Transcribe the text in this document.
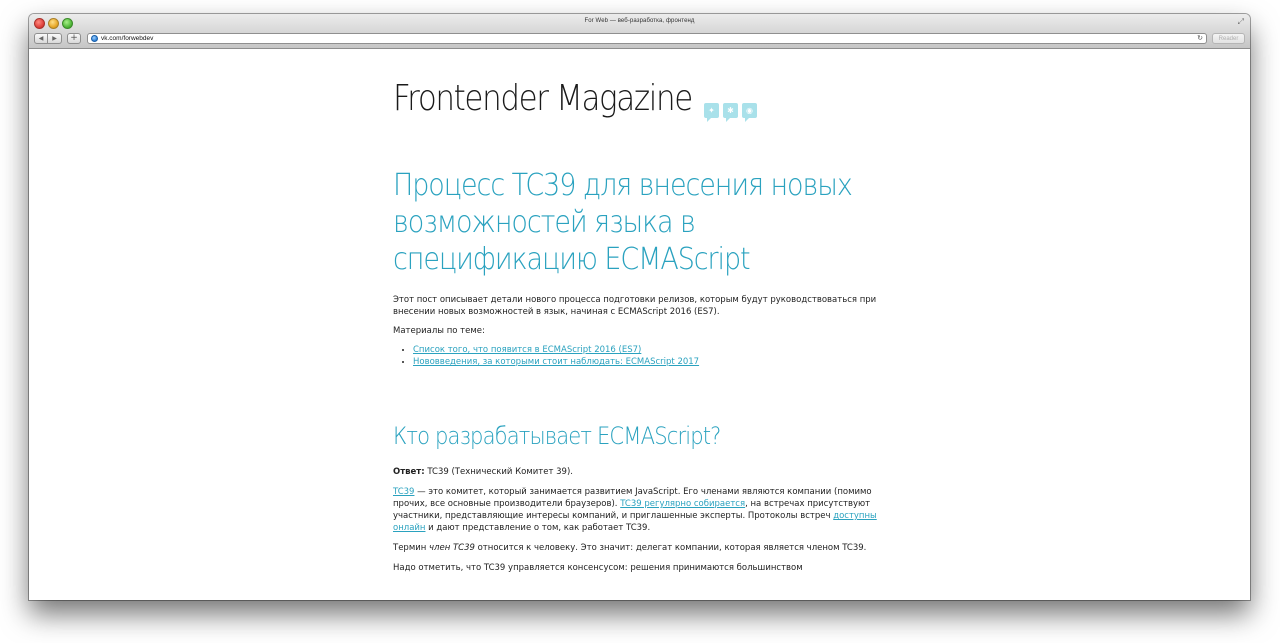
For Web — веб-разработка, фронтенд	⤢
◀ ▶ +	vk.com/forwebdev	↻	Reader
Frontender Magazine	✦	✱	◉
Процесс TC39 для внесения новых возможностей языка в спецификацию ECMAScript

Этот пост описывает детали нового процесса подготовки релизов, которым будут руководствоваться при внесении новых возможностей в язык, начиная с ECMAScript 2016 (ES7).

Материалы по теме:

• Список того, что появится в ECMAScript 2016 (ES7)
• Нововведения, за которыми стоит наблюдать: ECMAScript 2017
Кто разрабатывает ECMAScript?

Ответ: TC39 (Технический Комитет 39).

TC39 — это комитет, который занимается развитием JavaScript. Его членами являются компании (помимо прочих, все основные производители браузеров). TC39 регулярно собирается, на встречах присутствуют участники, представляющие интересы компаний, и приглашенные эксперты. Протоколы встреч доступны онлайн и дают представление о том, как работает TC39.

Термин член TC39 относится к человеку. Это значит: делегат компании, которая является членом TC39.

Надо отметить, что TC39 управляется консенсусом: решения принимаются большинством
